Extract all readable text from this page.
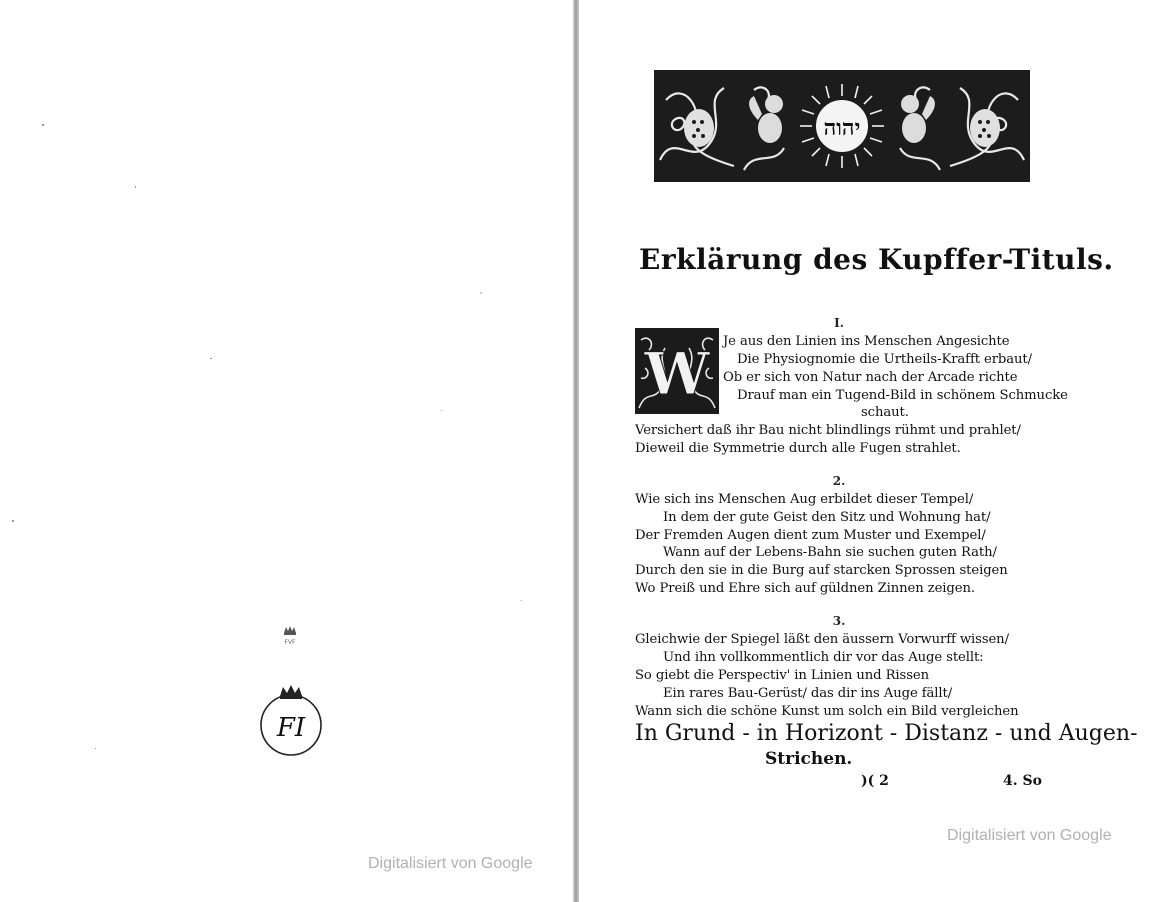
FVF
FI
Digitalisiert von Google
יהוה
Erklärung des Kupffer-Tituls.
I.
W Je aus den Linien ins Menschen Angesichte
Die Physiognomie die Urtheils-Krafft erbaut/
Ob er sich von Natur nach der Arcade richte
Drauf man ein Tugend-Bild in schönem Schmucke
schaut.
Versichert daß ihr Bau nicht blindlings rühmt und prahlet/
Dieweil die Symmetrie durch alle Fugen strahlet.
2.
Wie sich ins Menschen Aug erbildet dieser Tempel/
In dem der gute Geist den Sitz und Wohnung hat/
Der Fremden Augen dient zum Muster und Exempel/
Wann auf der Lebens-Bahn sie suchen guten Rath/
Durch den sie in die Burg auf starcken Sprossen steigen
Wo Preiß und Ehre sich auf güldnen Zinnen zeigen.
3.
Gleichwie der Spiegel läßt den äussern Vorwurff wissen/
Und ihn vollkommentlich dir vor das Auge stellt:
So giebt die Perspectiv' in Linien und Rissen
Ein rares Bau-Gerüst/ das dir ins Auge fällt/
Wann sich die schöne Kunst um solch ein Bild vergleichen
In Grund - in Horizont - Distanz - und Augen-
Strichen.
)( 2	4. So
Digitalisiert von Google
